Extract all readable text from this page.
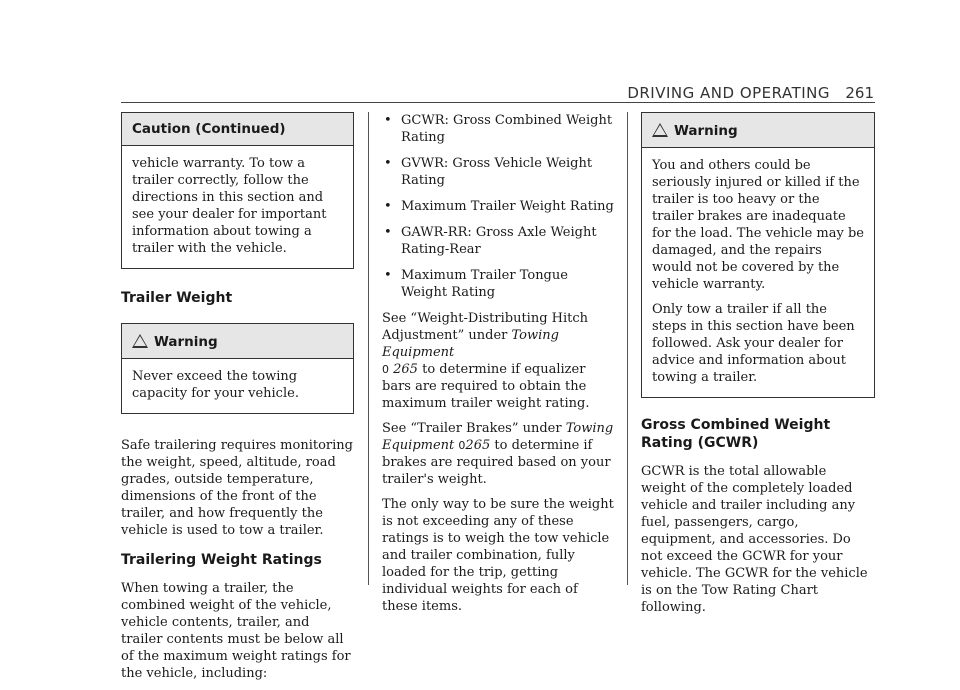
DRIVING AND OPERATING 261
Caution (Continued)

vehicle warranty. To tow a trailer correctly, follow the directions in this section and see your dealer for important information about towing a trailer with the vehicle.

Trailer Weight
Warning

Never exceed the towing capacity for your vehicle.

Safe trailering requires monitoring the weight, speed, altitude, road grades, outside temperature, dimensions of the front of the trailer, and how frequently the vehicle is used to tow a trailer.

Trailering Weight Ratings

When towing a trailer, the combined weight of the vehicle, vehicle contents, trailer, and trailer contents must be below all of the maximum weight ratings for the vehicle, including:

• GCWR: Gross Combined Weight Rating
• GVWR: Gross Vehicle Weight Rating
• Maximum Trailer Weight Rating
• GAWR-RR: Gross Axle Weight Rating-Rear
• Maximum Trailer Tongue Weight Rating

See “Weight-Distributing Hitch Adjustment” under Towing Equipment
0 265 to determine if equalizer bars are required to obtain the maximum trailer weight rating.

See “Trailer Brakes” under Towing Equipment 0265 to determine if brakes are required based on your trailer's weight.

The only way to be sure the weight is not exceeding any of these ratings is to weigh the tow vehicle and trailer combination, fully loaded for the trip, getting individual weights for each of these items.

Warning

You and others could be seriously injured or killed if the trailer is too heavy or the trailer brakes are inadequate for the load. The vehicle may be damaged, and the repairs would not be covered by the vehicle warranty.

Only tow a trailer if all the steps in this section have been followed. Ask your dealer for advice and information about towing a trailer.

Gross Combined Weight Rating (GCWR)

GCWR is the total allowable weight of the completely loaded vehicle and trailer including any fuel, passengers, cargo, equipment, and accessories. Do not exceed the GCWR for your vehicle. The GCWR for the vehicle is on the Tow Rating Chart following.
